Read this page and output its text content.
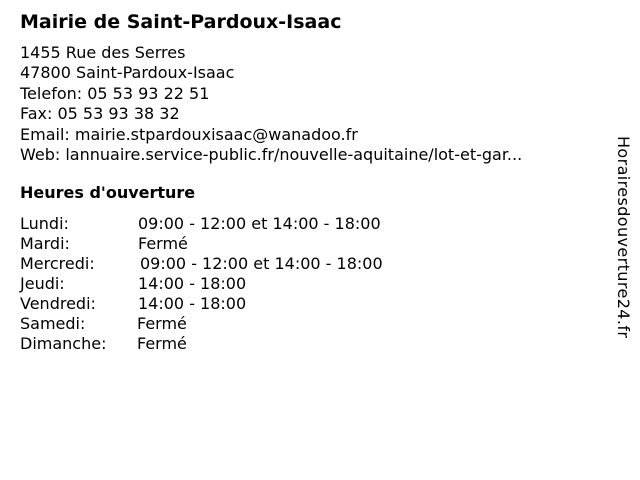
Mairie de Saint-Pardoux-Isaac
1455 Rue des Serres
47800 Saint-Pardoux-Isaac
Telefon: 05 53 93 22 51
Fax: 05 53 93 38 32
Email: mairie.stpardouxisaac@wanadoo.fr
Web: lannuaire.service-public.fr/nouvelle-aquitaine/lot-et-gar...
Heures d'ouverture
Lundi:	09:00 - 12:00 et 14:00 - 18:00
Mardi:	Fermé
Mercredi:	09:00 - 12:00 et 14:00 - 18:00
Jeudi:	14:00 - 18:00
Vendredi:	14:00 - 18:00
Samedi:	Fermé
Dimanche: Fermé
Horairesdouverture24.fr
